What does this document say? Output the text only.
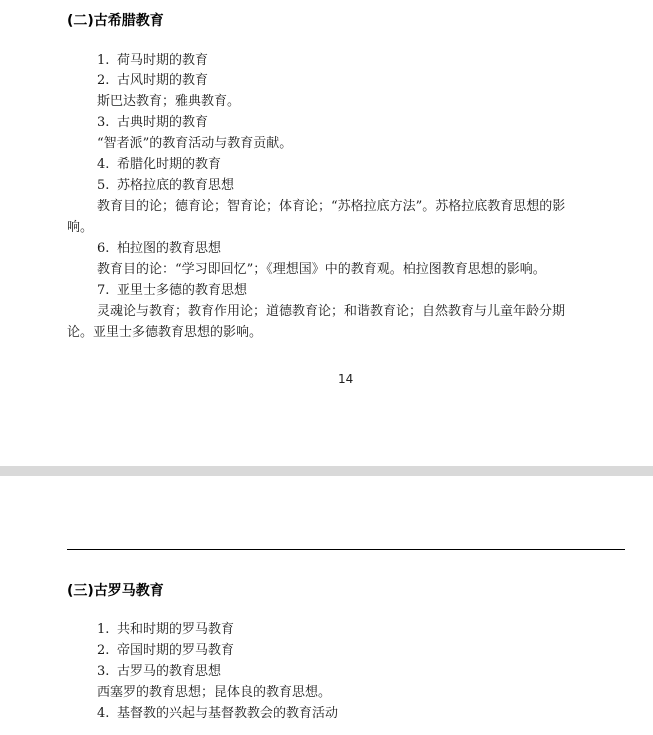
(二)古希腊教育
1. 荷马时期的教育
2. 古风时期的教育
斯巴达教育；雅典教育。
3. 古典时期的教育
“智者派”的教育活动与教育贡献。
4. 希腊化时期的教育
5. 苏格拉底的教育思想
教育目的论；德育论；智育论；体育论；“苏格拉底方法”。苏格拉底教育思想的影
响。
6. 柏拉图的教育思想
教育目的论：“学习即回忆”；《理想国》中的教育观。柏拉图教育思想的影响。
7. 亚里士多德的教育思想
灵魂论与教育；教育作用论；道德教育论；和谐教育论；自然教育与儿童年龄分期
论。亚里士多德教育思想的影响。
14
(三)古罗马教育
1. 共和时期的罗马教育
2. 帝国时期的罗马教育
3. 古罗马的教育思想
西塞罗的教育思想；昆体良的教育思想。
4. 基督教的兴起与基督教教会的教育活动
